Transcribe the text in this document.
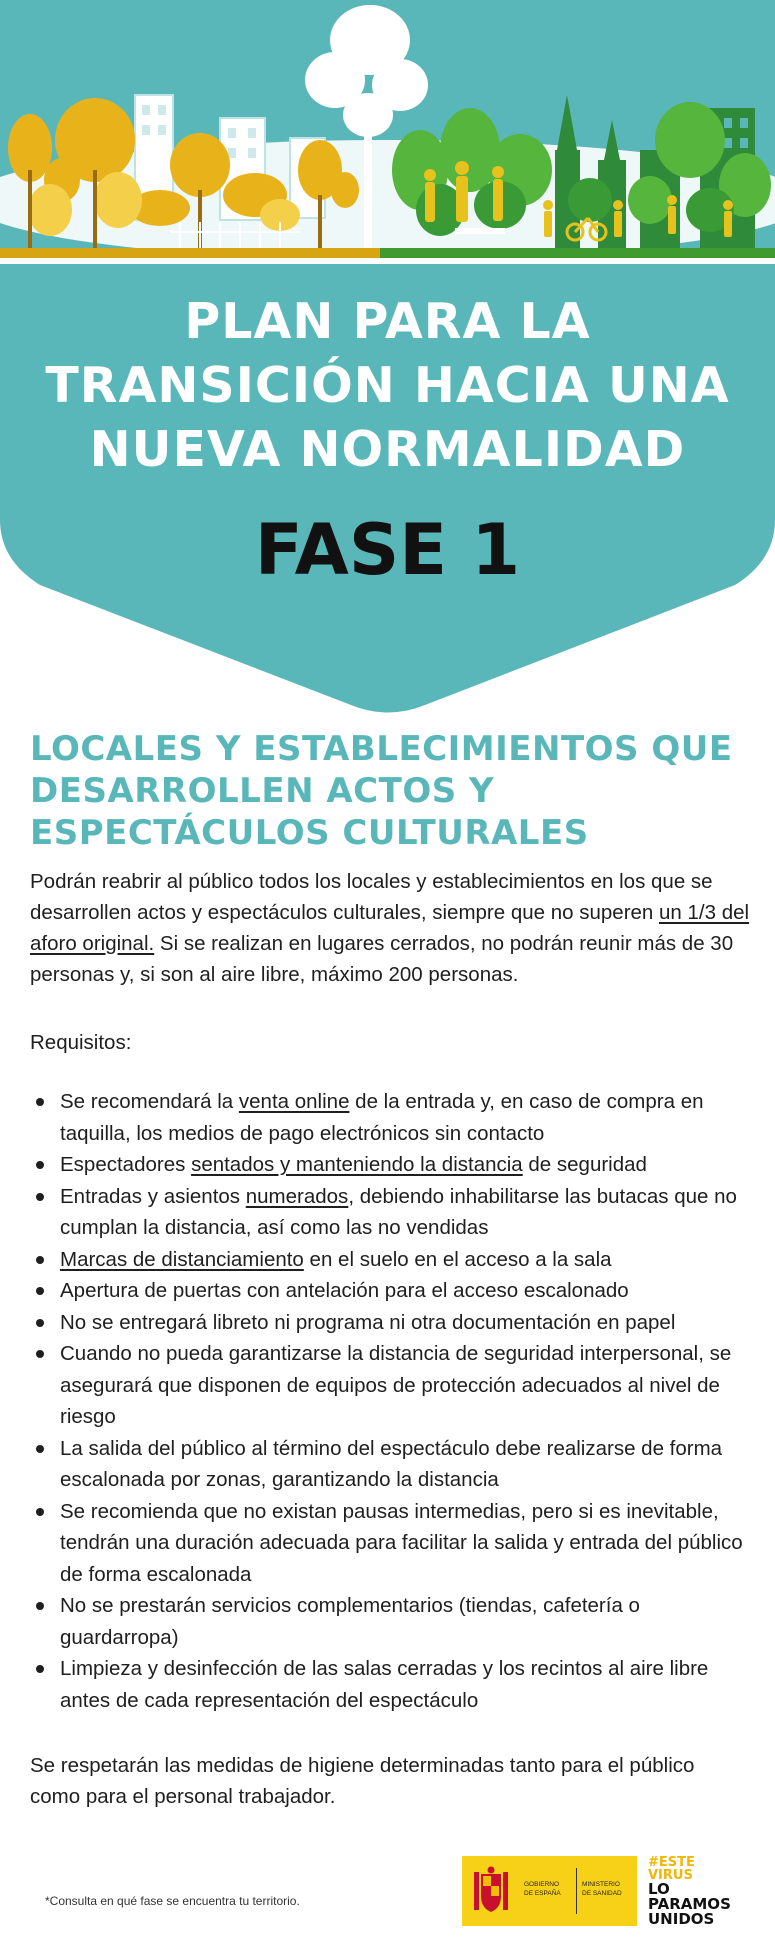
PLAN PARA LA
TRANSICIÓN HACIA UNA
NUEVA NORMALIDAD
FASE 1
LOCALES Y ESTABLECIMIENTOS QUE
DESARROLLEN ACTOS Y
ESPECTÁCULOS CULTURALES

Podrán reabrir al público todos los locales y establecimientos en los que se desarrollen actos y espectáculos culturales, siempre que no superen un 1/3 del aforo original. Si se realizan en lugares cerrados, no podrán reunir más de 30 personas y, si son al aire libre, máximo 200 personas.

Requisitos:

Se recomendará la venta online de la entrada y, en caso de compra en taquilla, los medios de pago electrónicos sin contacto
Espectadores sentados y manteniendo la distancia de seguridad
Entradas y asientos numerados, debiendo inhabilitarse las butacas que no cumplan la distancia, así como las no vendidas
Marcas de distanciamiento en el suelo en el acceso a la sala
Apertura de puertas con antelación para el acceso escalonado
No se entregará libreto ni programa ni otra documentación en papel
Cuando no pueda garantizarse la distancia de seguridad interpersonal, se asegurará que disponen de equipos de protección adecuados al nivel de riesgo
La salida del público al término del espectáculo debe realizarse de forma escalonada por zonas, garantizando la distancia
Se recomienda que no existan pausas intermedias, pero si es inevitable, tendrán una duración adecuada para facilitar la salida y entrada del público de forma escalonada
No se prestarán servicios complementarios (tiendas, cafetería o guardarropa)
Limpieza y desinfección de las salas cerradas y los recintos al aire libre antes de cada representación del espectáculo

Se respetarán las medidas de higiene determinadas tanto para el público como para el personal trabajador.

*Consulta en qué fase se encuentra tu territorio.
GOBIERNO
DE ESPAÑA
MINISTERIO
DE SANIDAD
#ESTE
VIRUS
LO
PARAMOS
UNIDOS
